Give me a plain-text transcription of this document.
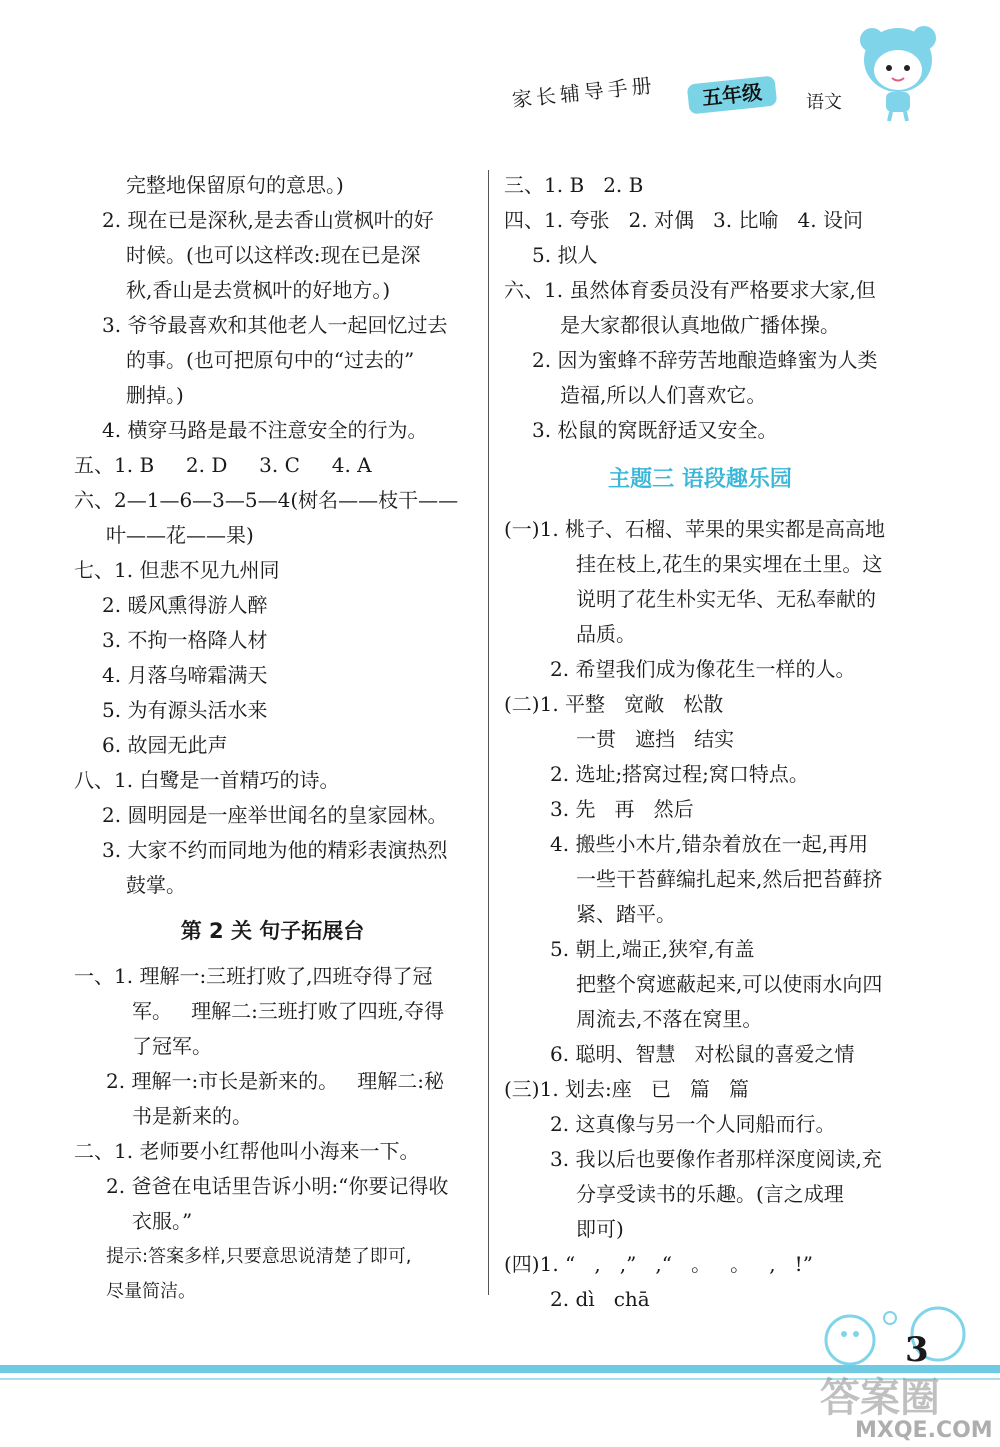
家长辅导手册	五年级	语文
完整地保留原句的意思。)
2. 现在已是深秋,是去香山赏枫叶的好
时候。(也可以这样改:现在已是深
秋,香山是去赏枫叶的好地方。)
3. 爷爷最喜欢和其他老人一起回忆过去
的事。(也可把原句中的“过去的”
删掉。)
4. 横穿马路是最不注意安全的行为。
五、1. B     2. D     3. C     4. A
六、2—1—6—3—5—4(树名——枝干——
叶——花——果)
七、1. 但悲不见九州同
2. 暖风熏得游人醉
3. 不拘一格降人材
4. 月落乌啼霜满天
5. 为有源头活水来
6. 故园无此声
八、1. 白鹭是一首精巧的诗。
2. 圆明园是一座举世闻名的皇家园林。
3. 大家不约而同地为他的精彩表演热烈
鼓掌。
第 2 关 句子拓展台
一、1. 理解一:三班打败了,四班夺得了冠
军。   理解二:三班打败了四班,夺得
了冠军。
2. 理解一:市长是新来的。   理解二:秘
书是新来的。
二、1. 老师要小红帮他叫小海来一下。
2. 爸爸在电话里告诉小明:“你要记得收
衣服。”
提示:答案多样,只要意思说清楚了即可,
尽量简洁。
三、1. B   2. B
四、1. 夸张   2. 对偶   3. 比喻   4. 设问
5. 拟人
六、1. 虽然体育委员没有严格要求大家,但
是大家都很认真地做广播体操。
2. 因为蜜蜂不辞劳苦地酿造蜂蜜为人类
造福,所以人们喜欢它。
3. 松鼠的窝既舒适又安全。
主题三 语段趣乐园
(一)1. 桃子、石榴、苹果的果实都是高高地
挂在枝上,花生的果实埋在土里。这
说明了花生朴实无华、无私奉献的
品质。
2. 希望我们成为像花生一样的人。
(二)1. 平整   宽敞   松散
一贯   遮挡   结实
2. 选址;搭窝过程;窝口特点。
3. 先   再   然后
4. 搬些小木片,错杂着放在一起,再用
一些干苔藓编扎起来,然后把苔藓挤
紧、踏平。
5. 朝上,端正,狭窄,有盖
把整个窝遮蔽起来,可以使雨水向四
周流去,不落在窝里。
6. 聪明、智慧   对松鼠的喜爱之情
(三)1. 划去:座   已   篇   篇
2. 这真像与另一个人同船而行。
3. 我以后也要像作者那样深度阅读,充
分享受读书的乐趣。(言之成理
即可)
(四)1. “   ,   ,”   ,“   。   。   ,   !”
2. dì   chā
3
答案圈
MXQE.COM
